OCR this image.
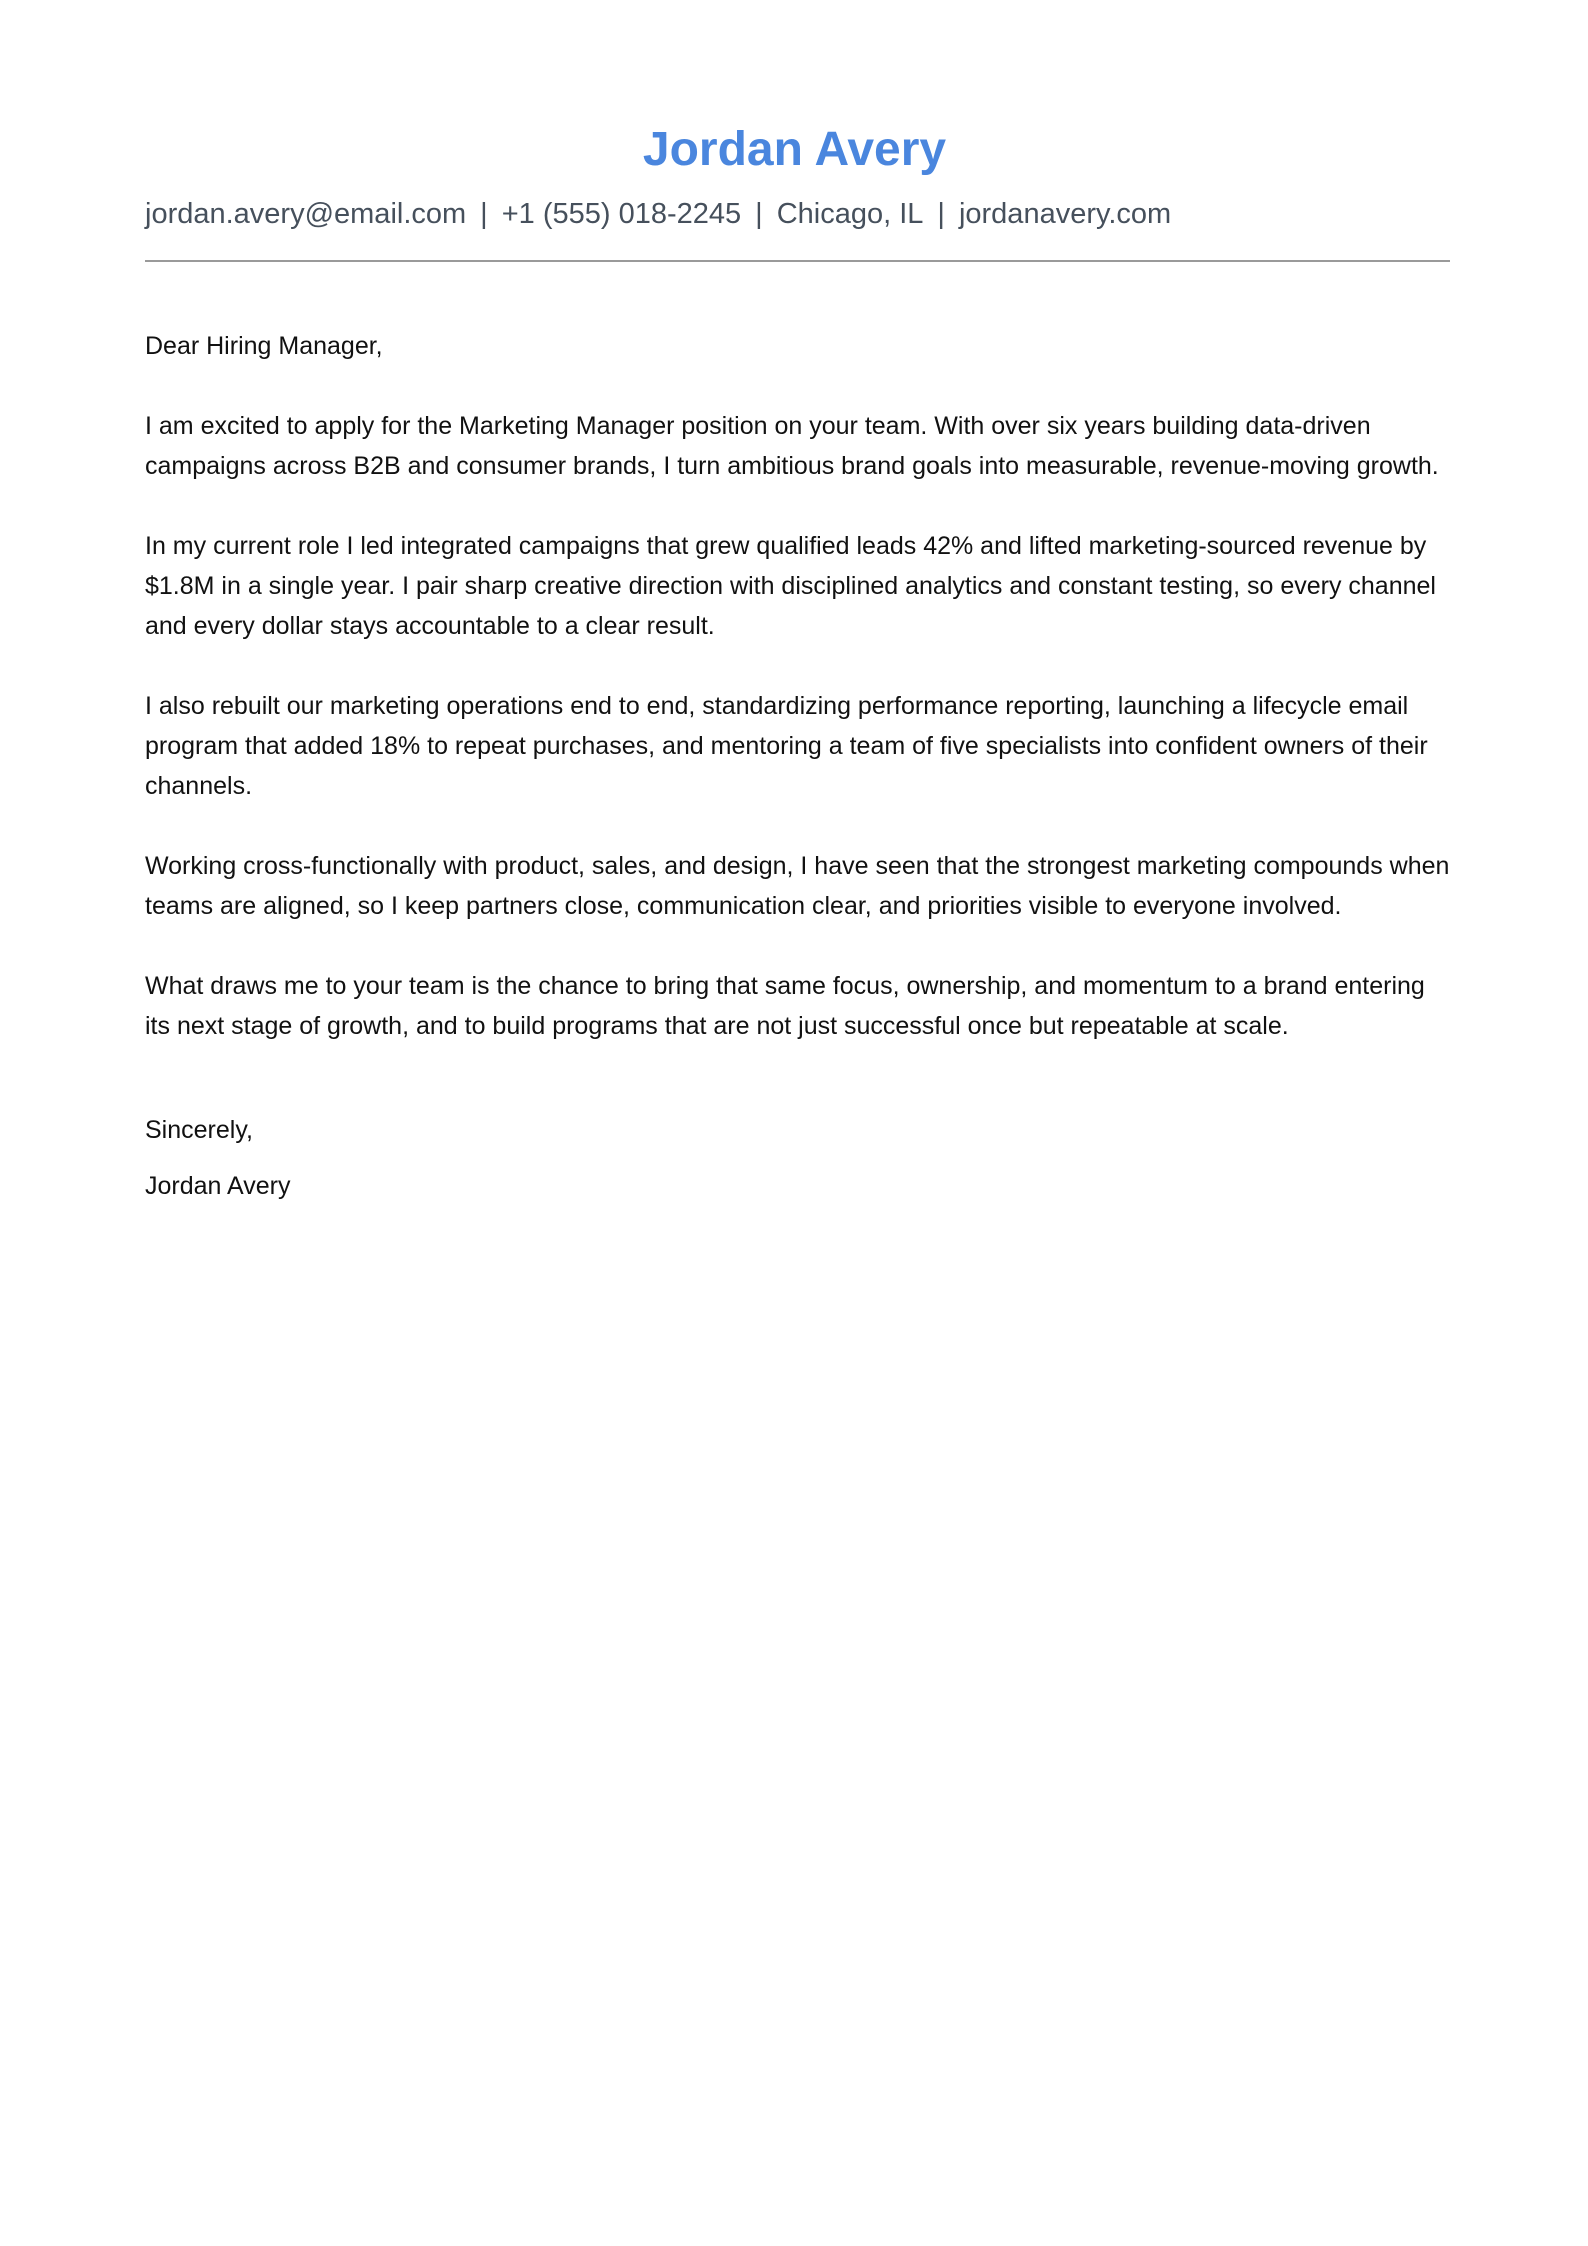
Jordan Avery
jordan.avery@email.com | +1 (555) 018-2245 | Chicago, IL | jordanavery.com
Dear Hiring Manager,

I am excited to apply for the Marketing Manager position on your team. With over six years building data-driven campaigns across B2B and consumer brands, I turn ambitious brand goals into measurable, revenue-moving growth.

In my current role I led integrated campaigns that grew qualified leads 42% and lifted marketing-sourced revenue by $1.8M in a single year. I pair sharp creative direction with disciplined analytics and constant testing, so every channel and every dollar stays accountable to a clear result.

I also rebuilt our marketing operations end to end, standardizing performance reporting, launching a lifecycle email program that added 18% to repeat purchases, and mentoring a team of five specialists into confident owners of their channels.

Working cross-functionally with product, sales, and design, I have seen that the strongest marketing compounds when teams are aligned, so I keep partners close, communication clear, and priorities visible to everyone involved.

What draws me to your team is the chance to bring that same focus, ownership, and momentum to a brand entering its next stage of growth, and to build programs that are not just successful once but repeatable at scale.

Sincerely,
Jordan Avery
